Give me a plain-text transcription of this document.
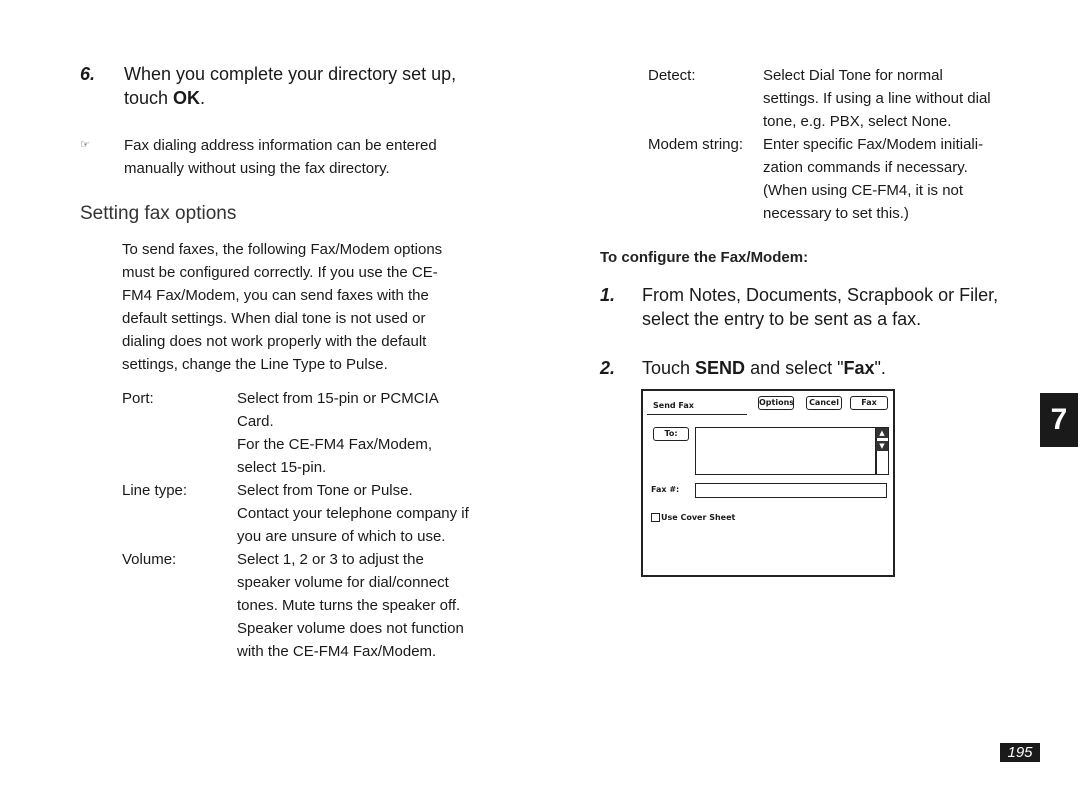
6. When you complete your directory set up,
touch OK.
☞ Fax dialing address information can be entered
manually without using the fax directory.
Setting fax options
To send faxes, the following Fax/Modem options
must be configured correctly. If you use the CE-
FM4 Fax/Modem, you can send faxes with the
default settings. When dial tone is not used or
dialing does not work properly with the default
settings, change the Line Type to Pulse.
Port:	Select from 15-pin or PCMCIA
Card.
For the CE-FM4 Fax/Modem,
select 15-pin.
Line type:	Select from Tone or Pulse.
Contact your telephone company if
you are unsure of which to use.
Volume:	Select 1, 2 or 3 to adjust the
speaker volume for dial/connect
tones. Mute turns the speaker off.
Speaker volume does not function
with the CE-FM4 Fax/Modem.
Detect:	Select Dial Tone for normal
settings. If using a line without dial
tone, e.g. PBX, select None.
Modem string: Enter specific Fax/Modem initiali-
zation commands if necessary.
(When using CE-FM4, it is not
necessary to set this.)
To configure the Fax/Modem:
1. From Notes, Documents, Scrapbook or Filer,
select the entry to be sent as a fax.
2. Touch SEND and select "Fax".
Send Fax	Options	Cancel	Fax
To:	▲
▼
Fax #:
Use Cover Sheet
7
195
